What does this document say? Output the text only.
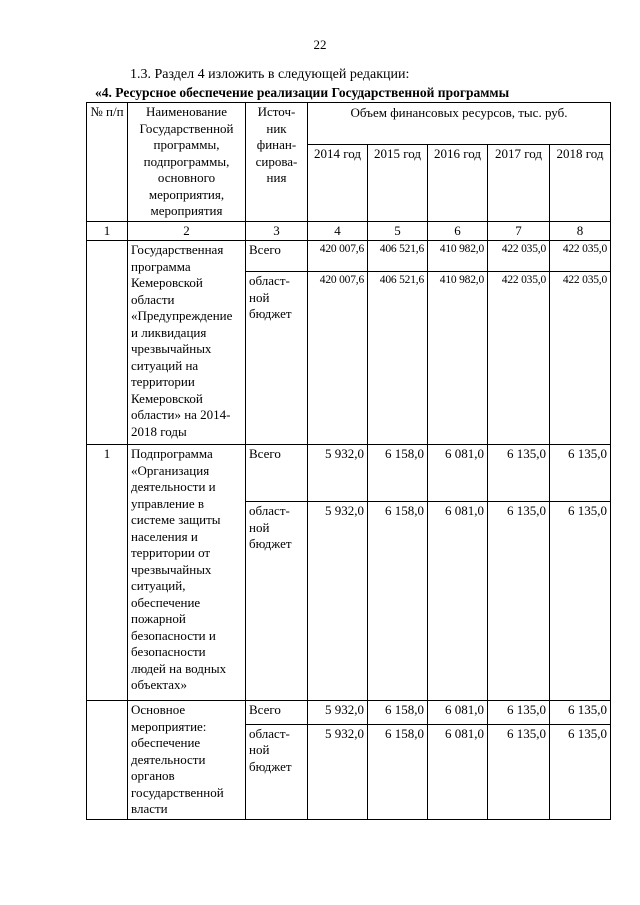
22
1.3. Раздел 4 изложить в следующей редакции:
«4. Ресурсное обеспечение реализации Государственной программы
№ п/п	Наименование Государственной программы, подпрограммы, основного мероприятия, мероприятия	Источ-ник финан-сирова-ния	Объем финансовых ресурсов, тыс. руб.				
			2014 год	2015 год	2016 год	2017 год	2018 год
1	2	3	4	5	6	7	8
	Государственная программа Кемеровской области «Предупреждение и ликвидация чрезвычайных ситуаций на территории Кемеровской области» на 2014-2018 годы	Всего	420 007,6	406 521,6	410 982,0	422 035,0	422 035,0
		област-ной бюджет	420 007,6	406 521,6	410 982,0	422 035,0	422 035,0
1	Подпрограмма «Организация деятельности и управление в системе защиты населения и территории от чрезвычайных ситуаций, обеспечение пожарной безопасности и безопасности людей на водных объектах»	Всего	5 932,0	6 158,0	6 081,0	6 135,0	6 135,0
		област-ной бюджет	5 932,0	6 158,0	6 081,0	6 135,0	6 135,0
	Основное мероприятие: обеспечение деятельности органов государственной власти	Всего	5 932,0	6 158,0	6 081,0	6 135,0	6 135,0
		област-ной бюджет	5 932,0	6 158,0	6 081,0	6 135,0	6 135,0
